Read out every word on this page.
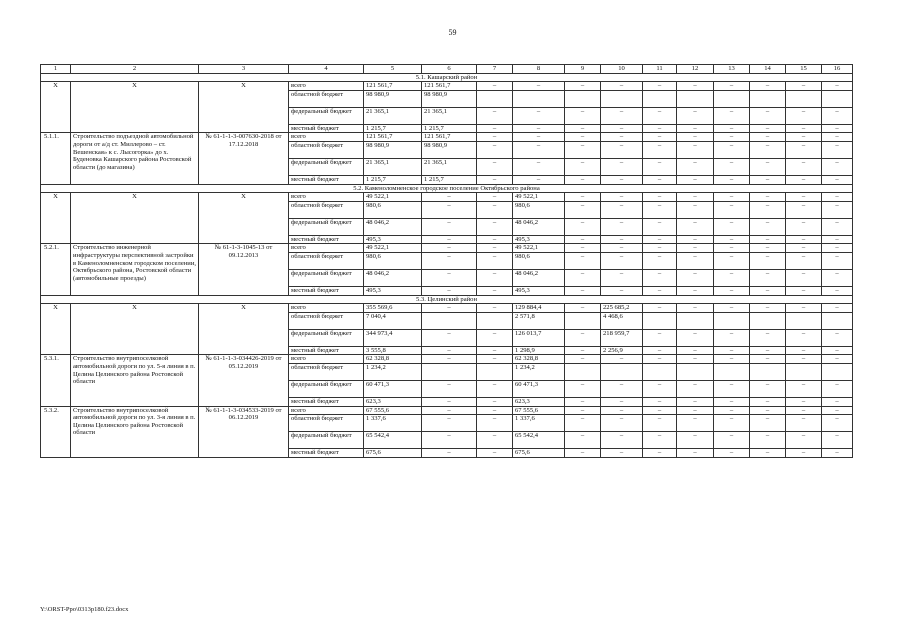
59
1	2	3	4	5	6	7	8	9	10	11	12	13	14	15	16
5.1. Кашарский район															
Х	Х	Х	всего	121 561,7	121 561,7	–	–	–	–	–	–	–	–	–	–
			областной бюджет	98 980,9	98 980,9										
			федеральный бюджет	21 365,1	21 365,1	–	–	–	–	–	–	–	–	–	–
			местный бюджет	1 215,7	1 215,7	–	–	–	–	–	–	–	–	–	–
5.1.1.	Строительство подъездной автомобильной дороги от а/д ст. Миллерово – ст. Вешенская» к с. Лысогорка» до х. Буденовка Кашарского района Ростовской области (до магазина)	№ 61-1-1-3-007630-2018 от 17.12.2018	всего	121 561,7	121 561,7	–	–	–	–	–	–	–	–	–	–
			областной бюджет	98 980,9	98 980,9	–	–	–	–	–	–	–	–	–	–
			федеральный бюджет	21 365,1	21 365,1	–	–	–	–	–	–	–	–	–	–
			местный бюджет	1 215,7	1 215,7	–	–	–	–	–	–	–	–	–	–
5.2. Каменоломненское городское поселение Октябрьского района															
Х	Х	Х	всего	49 522,1	–	–	49 522,1	–	–	–	–	–	–	–	–
			областной бюджет	980,6	–	–	980,6	–	–	–	–	–	–	–	–
			федеральный бюджет	48 046,2	–	–	48 046,2	–	–	–	–	–	–	–	–
			местный бюджет	495,3	–	–	495,3	–	–	–	–	–	–	–	–
5.2.1.	Строительство инженерной инфраструктуры перспективной застройки в Каменоломненском городском поселении, Октябрьского района, Ростовской области (автомобильные проезды)	№ 61-1-3-1045-13 от 09.12.2013	всего	49 522,1	–	–	49 522,1	–	–	–	–	–	–	–	–
			областной бюджет	980,6	–	–	980,6	–	–	–	–	–	–	–	–
			федеральный бюджет	48 046,2	–	–	48 046,2	–	–	–	–	–	–	–	–
			местный бюджет	495,3	–	–	495,3	–	–	–	–	–	–	–	–
5.3. Целинский район															
Х	Х	Х	всего	355 569,6	–	–	129 884,4	–	225 685,2	–	–	–	–	–	–
			областной бюджет	7 040,4			2 571,8		4 468,6						
			федеральный бюджет	344 973,4	–	–	126 013,7	–	218 959,7	–	–	–	–	–	–
			местный бюджет	3 555,8	–	–	1 298,9	–	2 256,9	–	–	–	–	–	–
5.3.1.	Строительство внутрипоселковой автомобильной дороги по ул. 5-я линия в п. Целина Целинского района Ростовской области	№ 61-1-1-3-034426-2019 от 05.12.2019	всего	62 328,8	–	–	62 328,8	–	–	–	–	–	–	–	–
			областной бюджет	1 234,2			1 234,2								
			федеральный бюджет	60 471,3	–	–	60 471,3	–	–	–	–	–	–	–	–
			местный бюджет	623,3	–	–	623,3	–	–	–	–	–	–	–	–
5.3.2.	Строительство внутрипоселковой автомобильной дороги по ул. 3-я линия в п. Целина Целинского района Ростовской области	№ 61-1-1-3-034533-2019 от 06.12.2019	всего	67 555,6	–	–	67 555,6	–	–	–	–	–	–	–	–
			областной бюджет	1 337,6	–	–	1 337,6	–	–	–	–	–	–	–	–
			федеральный бюджет	65 542,4	–	–	65 542,4	–	–	–	–	–	–	–	–
			местный бюджет	675,6	–	–	675,6	–	–	–	–	–	–	–	–
Y:\ORST-Ppo\0313p180.f23.docx
